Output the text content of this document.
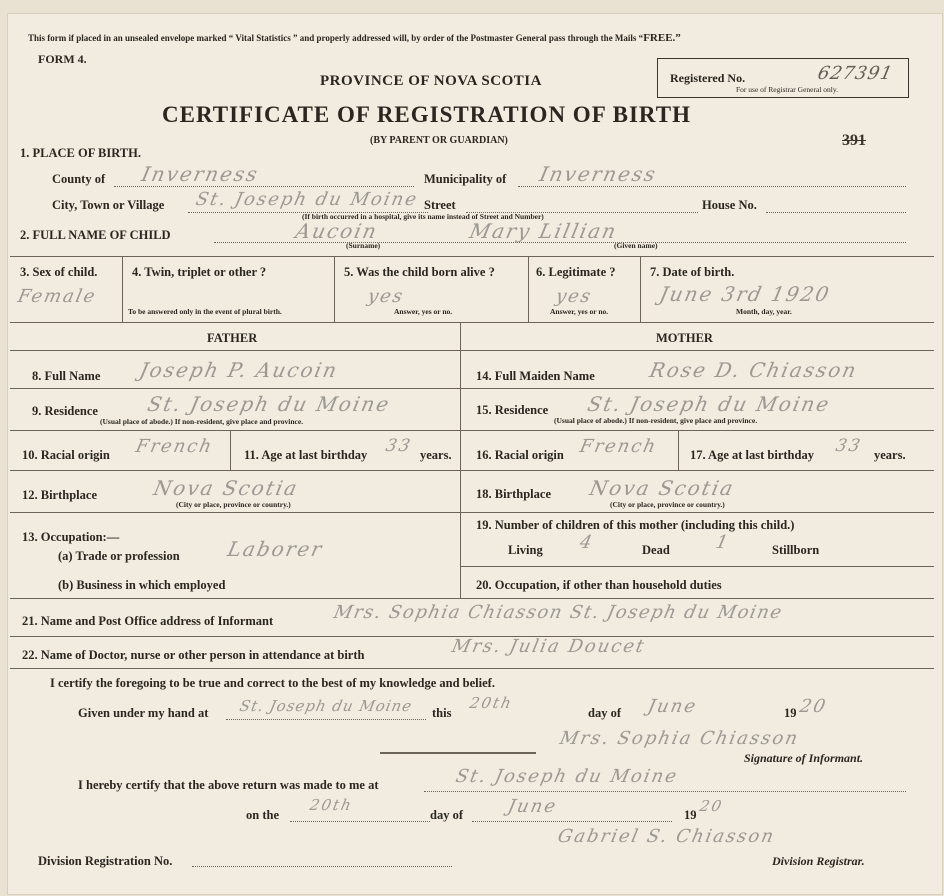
This form if placed in an unsealed envelope marked “ Vital Statistics ” and properly addressed will, by order of the Postmaster General pass through the Mails “FREE.”
FORM 4.
PROVINCE OF NOVA SCOTIA
CERTIFICATE OF REGISTRATION OF BIRTH
(BY PARENT OR GUARDIAN)
Registered No.	627391
For use of Registrar General only.
391
1. PLACE OF BIRTH.
County of Inverness	Municipality of Inverness
City, Town or Village St. Joseph du Moine Street	House No.
(If birth occurred in a hospital, give its name instead of Street and Number)
2. FULL NAME OF CHILD	Aucoin	Mary Lillian
(Surname)	(Given name)
3. Sex of child.
Female
4. Twin, triplet or other ?
To be answered only in the event of plural birth.
5. Was the child born alive ?
yes
Answer, yes or no.
6. Legitimate ?
yes
Answer, yes or no.
7. Date of birth.
June 3rd 1920
Month, day, year.
FATHER	MOTHER
8. Full Name Joseph P. Aucoin	14. Full Maiden Name	Rose D. Chiasson
9. Residence St. Joseph du Moine
(Usual place of abode.) If non-resident, give place and province.
15. Residence St. Joseph du Moine
(Usual place of abode.) If non-resident, give place and province.
10. Racial origin French 11. Age at last birthday 33 years. 16. Racial origin French 17. Age at last birthday 33 years.
12. Birthplace	Nova Scotia
(City or place, province or country.)
18. Birthplace Nova Scotia
(City or place, province or country.)
13. Occupation:—
(a) Trade or profession Laborer
19. Number of children of this mother (including this child.)
Living 4	Dead 1	Stillborn
(b) Business in which employed	20. Occupation, if other than household duties
21. Name and Post Office address of Informant	Mrs. Sophia Chiasson St. Joseph du Moine
22. Name of Doctor, nurse or other person in attendance at birth	Mrs. Julia Doucet
I certify the foregoing to be true and correct to the best of my knowledge and belief.
Given under my hand at St. Joseph du Moine this
20th
day of June	19 20
Mrs. Sophia Chiasson
Signature of Informant.
I hereby certify that the above return was made to me at	St. Joseph du Moine
on the
20th
day of June	19 20
Gabriel S. Chiasson
Division Registration No.	Division Registrar.
